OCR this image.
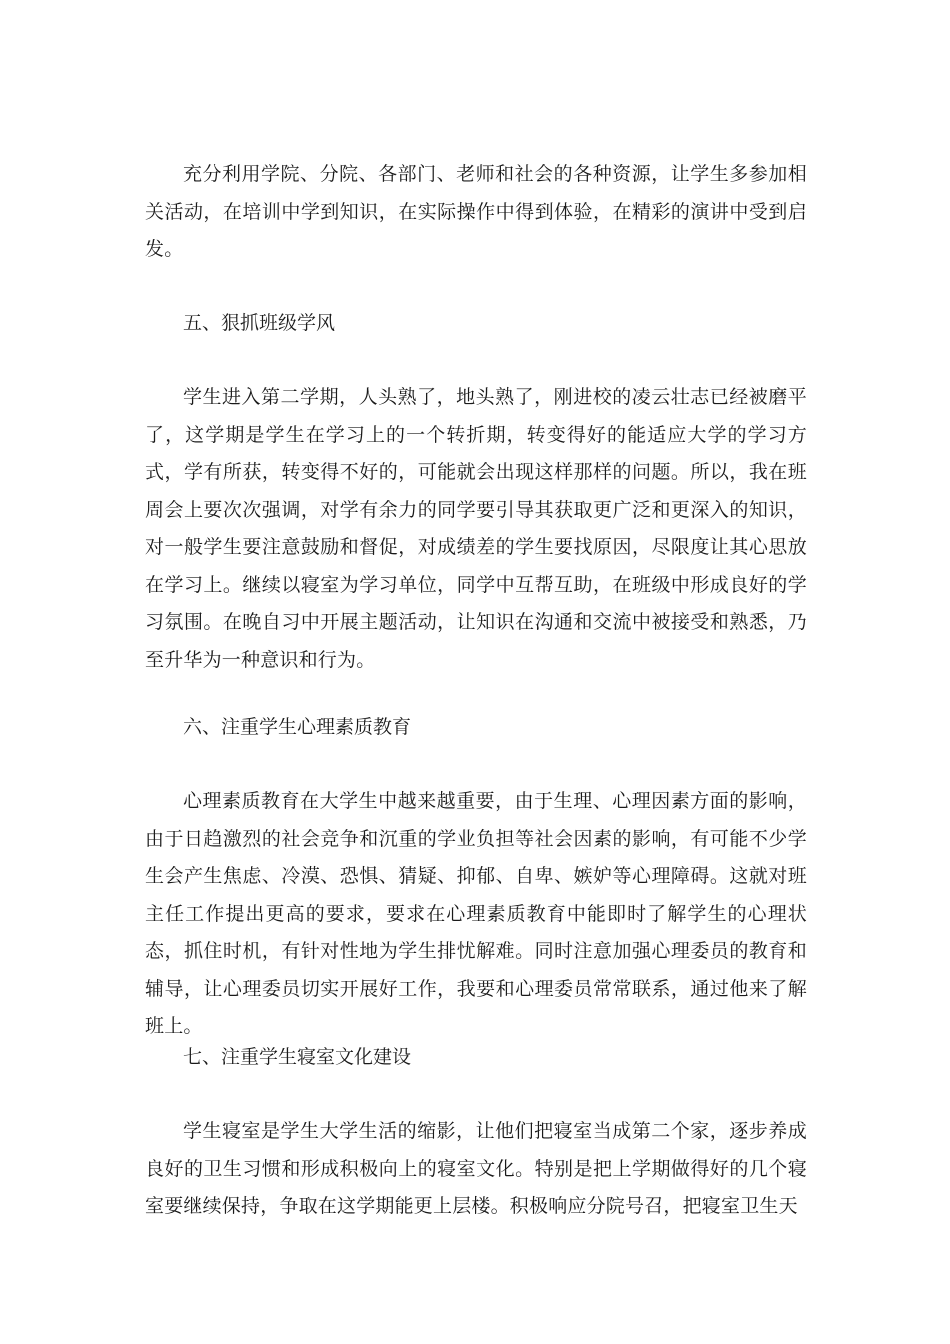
充分利用学院、分院、各部门、老师和社会的各种资源，让学生多参加相关活动，在培训中学到知识，在实际操作中得到体验，在精彩的演讲中受到启发。

五、狠抓班级学风

学生进入第二学期，人头熟了，地头熟了，刚进校的凌云壮志已经被磨平了，这学期是学生在学习上的一个转折期，转变得好的能适应大学的学习方式，学有所获，转变得不好的，可能就会出现这样那样的问题。所以，我在班周会上要次次强调，对学有余力的同学要引导其获取更广泛和更深入的知识，对一般学生要注意鼓励和督促，对成绩差的学生要找原因，尽限度让其心思放在学习上。继续以寝室为学习单位，同学中互帮互助，在班级中形成良好的学习氛围。在晚自习中开展主题活动，让知识在沟通和交流中被接受和熟悉，乃至升华为一种意识和行为。

六、注重学生心理素质教育

心理素质教育在大学生中越来越重要，由于生理、心理因素方面的影响，由于日趋激烈的社会竞争和沉重的学业负担等社会因素的影响，有可能不少学生会产生焦虑、冷漠、恐惧、猜疑、抑郁、自卑、嫉妒等心理障碍。这就对班主任工作提出更高的要求，要求在心理素质教育中能即时了解学生的心理状态，抓住时机，有针对性地为学生排忧解难。同时注意加强心理委员的教育和辅导，让心理委员切实开展好工作，我要和心理委员常常联系，通过他来了解班上。

七、注重学生寝室文化建设

学生寝室是学生大学生活的缩影，让他们把寝室当成第二个家，逐步养成良好的卫生习惯和形成积极向上的寝室文化。特别是把上学期做得好的几个寝室要继续保持，争取在这学期能更上层楼。积极响应分院号召，把寝室卫生天
